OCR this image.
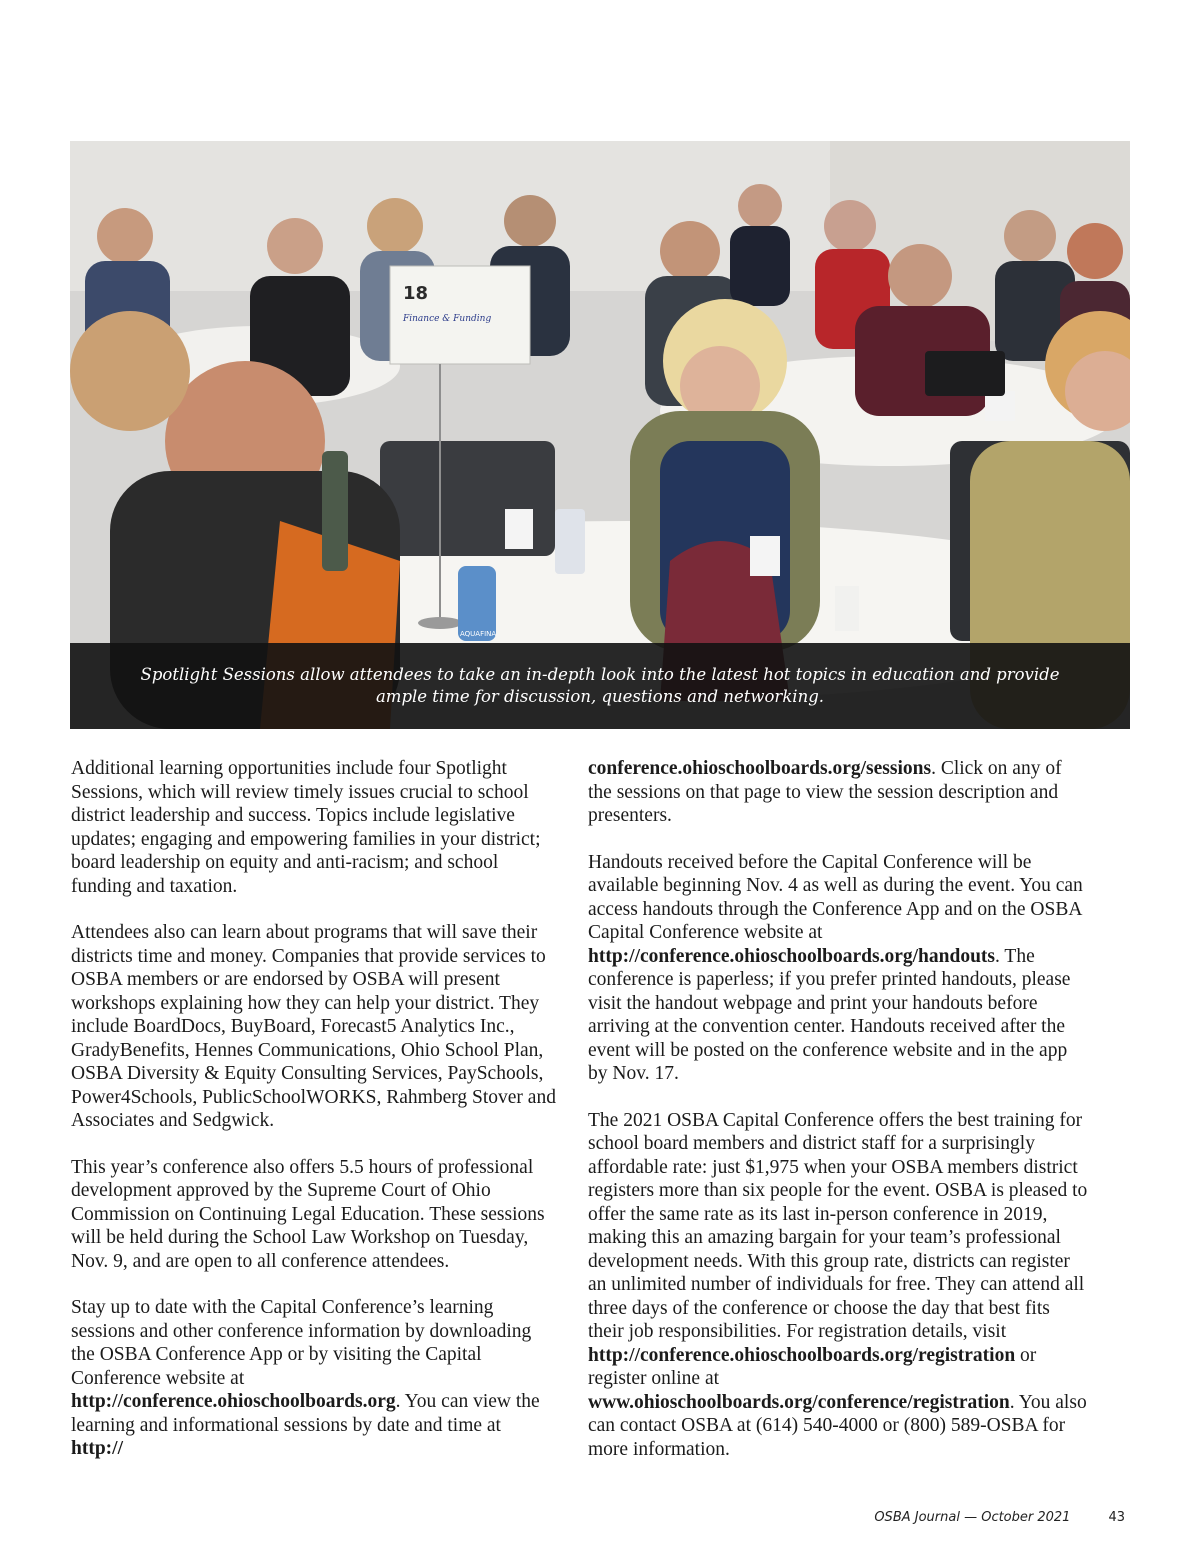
18
Finance & Funding
AQUAFINA

Spotlight Sessions allow attendees to take an in-depth look into the latest hot topics in education and provide ample time for discussion, questions and networking.

Additional learning opportunities include four Spotlight Sessions, which will review timely issues crucial to school district leadership and success. Topics include legislative updates; engaging and empowering families in your district; board leadership on equity and anti-racism; and school funding and taxation.

Attendees also can learn about programs that will save their districts time and money. Companies that provide services to OSBA members or are endorsed by OSBA will present workshops explaining how they can help your district. They include BoardDocs, BuyBoard, Forecast5 Analytics Inc., GradyBenefits, Hennes Communications, Ohio School Plan, OSBA Diversity & Equity Consulting Services, PaySchools, Power4Schools, PublicSchoolWORKS, Rahmberg Stover and Associates and Sedgwick.

This year’s conference also offers 5.5 hours of professional development approved by the Supreme Court of Ohio Commission on Continuing Legal Education. These sessions will be held during the School Law Workshop on Tuesday, Nov. 9, and are open to all conference attendees.

Stay up to date with the Capital Conference’s learning sessions and other conference information by downloading the OSBA Conference App or by visiting the Capital Conference website at http://conference.ohioschoolboards.org. You can view the learning and informational sessions by date and time at http://

conference.ohioschoolboards.org/sessions. Click on any of the sessions on that page to view the session description and presenters.

Handouts received before the Capital Conference will be available beginning Nov. 4 as well as during the event. You can access handouts through the Conference App and on the OSBA Capital Conference website at http://conference.ohioschoolboards.org/handouts. The conference is paperless; if you prefer printed handouts, please visit the handout webpage and print your handouts before arriving at the convention center. Handouts received after the event will be posted on the conference website and in the app by Nov. 17.

The 2021 OSBA Capital Conference offers the best training for school board members and district staff for a surprisingly affordable rate: just $1,975 when your OSBA members district registers more than six people for the event. OSBA is pleased to offer the same rate as its last in-person conference in 2019, making this an amazing bargain for your team’s professional development needs. With this group rate, districts can register an unlimited number of individuals for free. They can attend all three days of the conference or choose the day that best fits their job responsibilities. For registration details, visit http://conference.ohioschoolboards.org/registration or register online at www.ohioschoolboards.org/conference/registration. You also can contact OSBA at (614) 540-4000 or (800) 589-OSBA for more information.

OSBA Journal — October 2021	43
